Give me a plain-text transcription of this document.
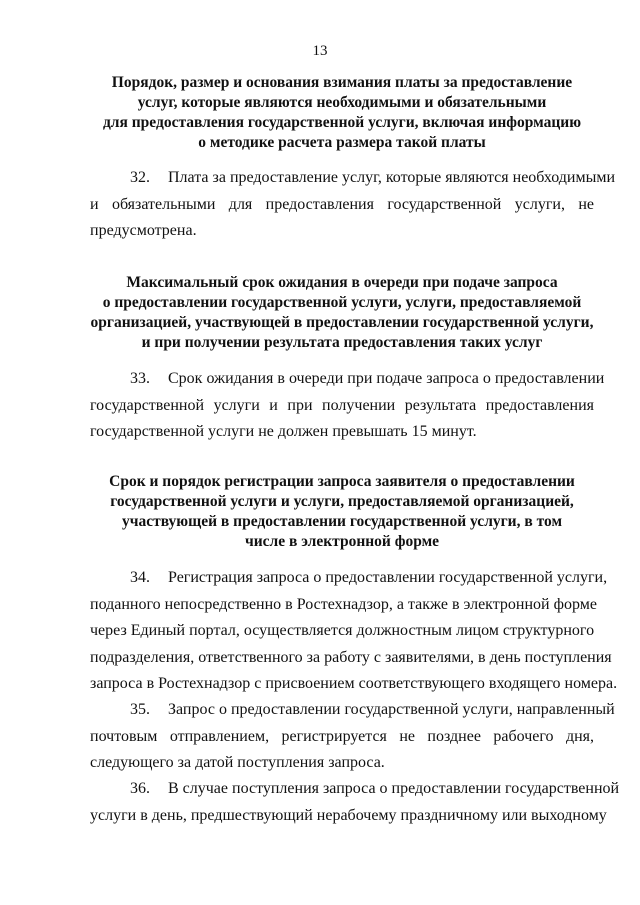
13
Порядок, размер и основания взимания платы за предоставление
услуг, которые являются необходимыми и обязательными
для предоставления государственной услуги, включая информацию
о методике расчета размера такой платы
32. Плата за предоставление услуг, которые являются необходимыми
и обязательными для предоставления государственной услуги, не
предусмотрена.
Максимальный срок ожидания в очереди при подаче запроса
о предоставлении государственной услуги, услуги, предоставляемой
организацией, участвующей в предоставлении государственной услуги,
и при получении результата предоставления таких услуг
33. Срок ожидания в очереди при подаче запроса о предоставлении
государственной услуги и при получении результата предоставления
государственной услуги не должен превышать 15 минут.
Срок и порядок регистрации запроса заявителя о предоставлении
государственной услуги и услуги, предоставляемой организацией,
участвующей в предоставлении государственной услуги, в том
числе в электронной форме
34. Регистрация запроса о предоставлении государственной услуги,
поданного непосредственно в Ростехнадзор, а также в электронной форме
через Единый портал, осуществляется должностным лицом структурного
подразделения, ответственного за работу с заявителями, в день поступления
запроса в Ростехнадзор с присвоением соответствующего входящего номера.
35. Запрос о предоставлении государственной услуги, направленный
почтовым отправлением, регистрируется не позднее рабочего дня,
следующего за датой поступления запроса.
36. В случае поступления запроса о предоставлении государственной
услуги в день, предшествующий нерабочему праздничному или выходному
